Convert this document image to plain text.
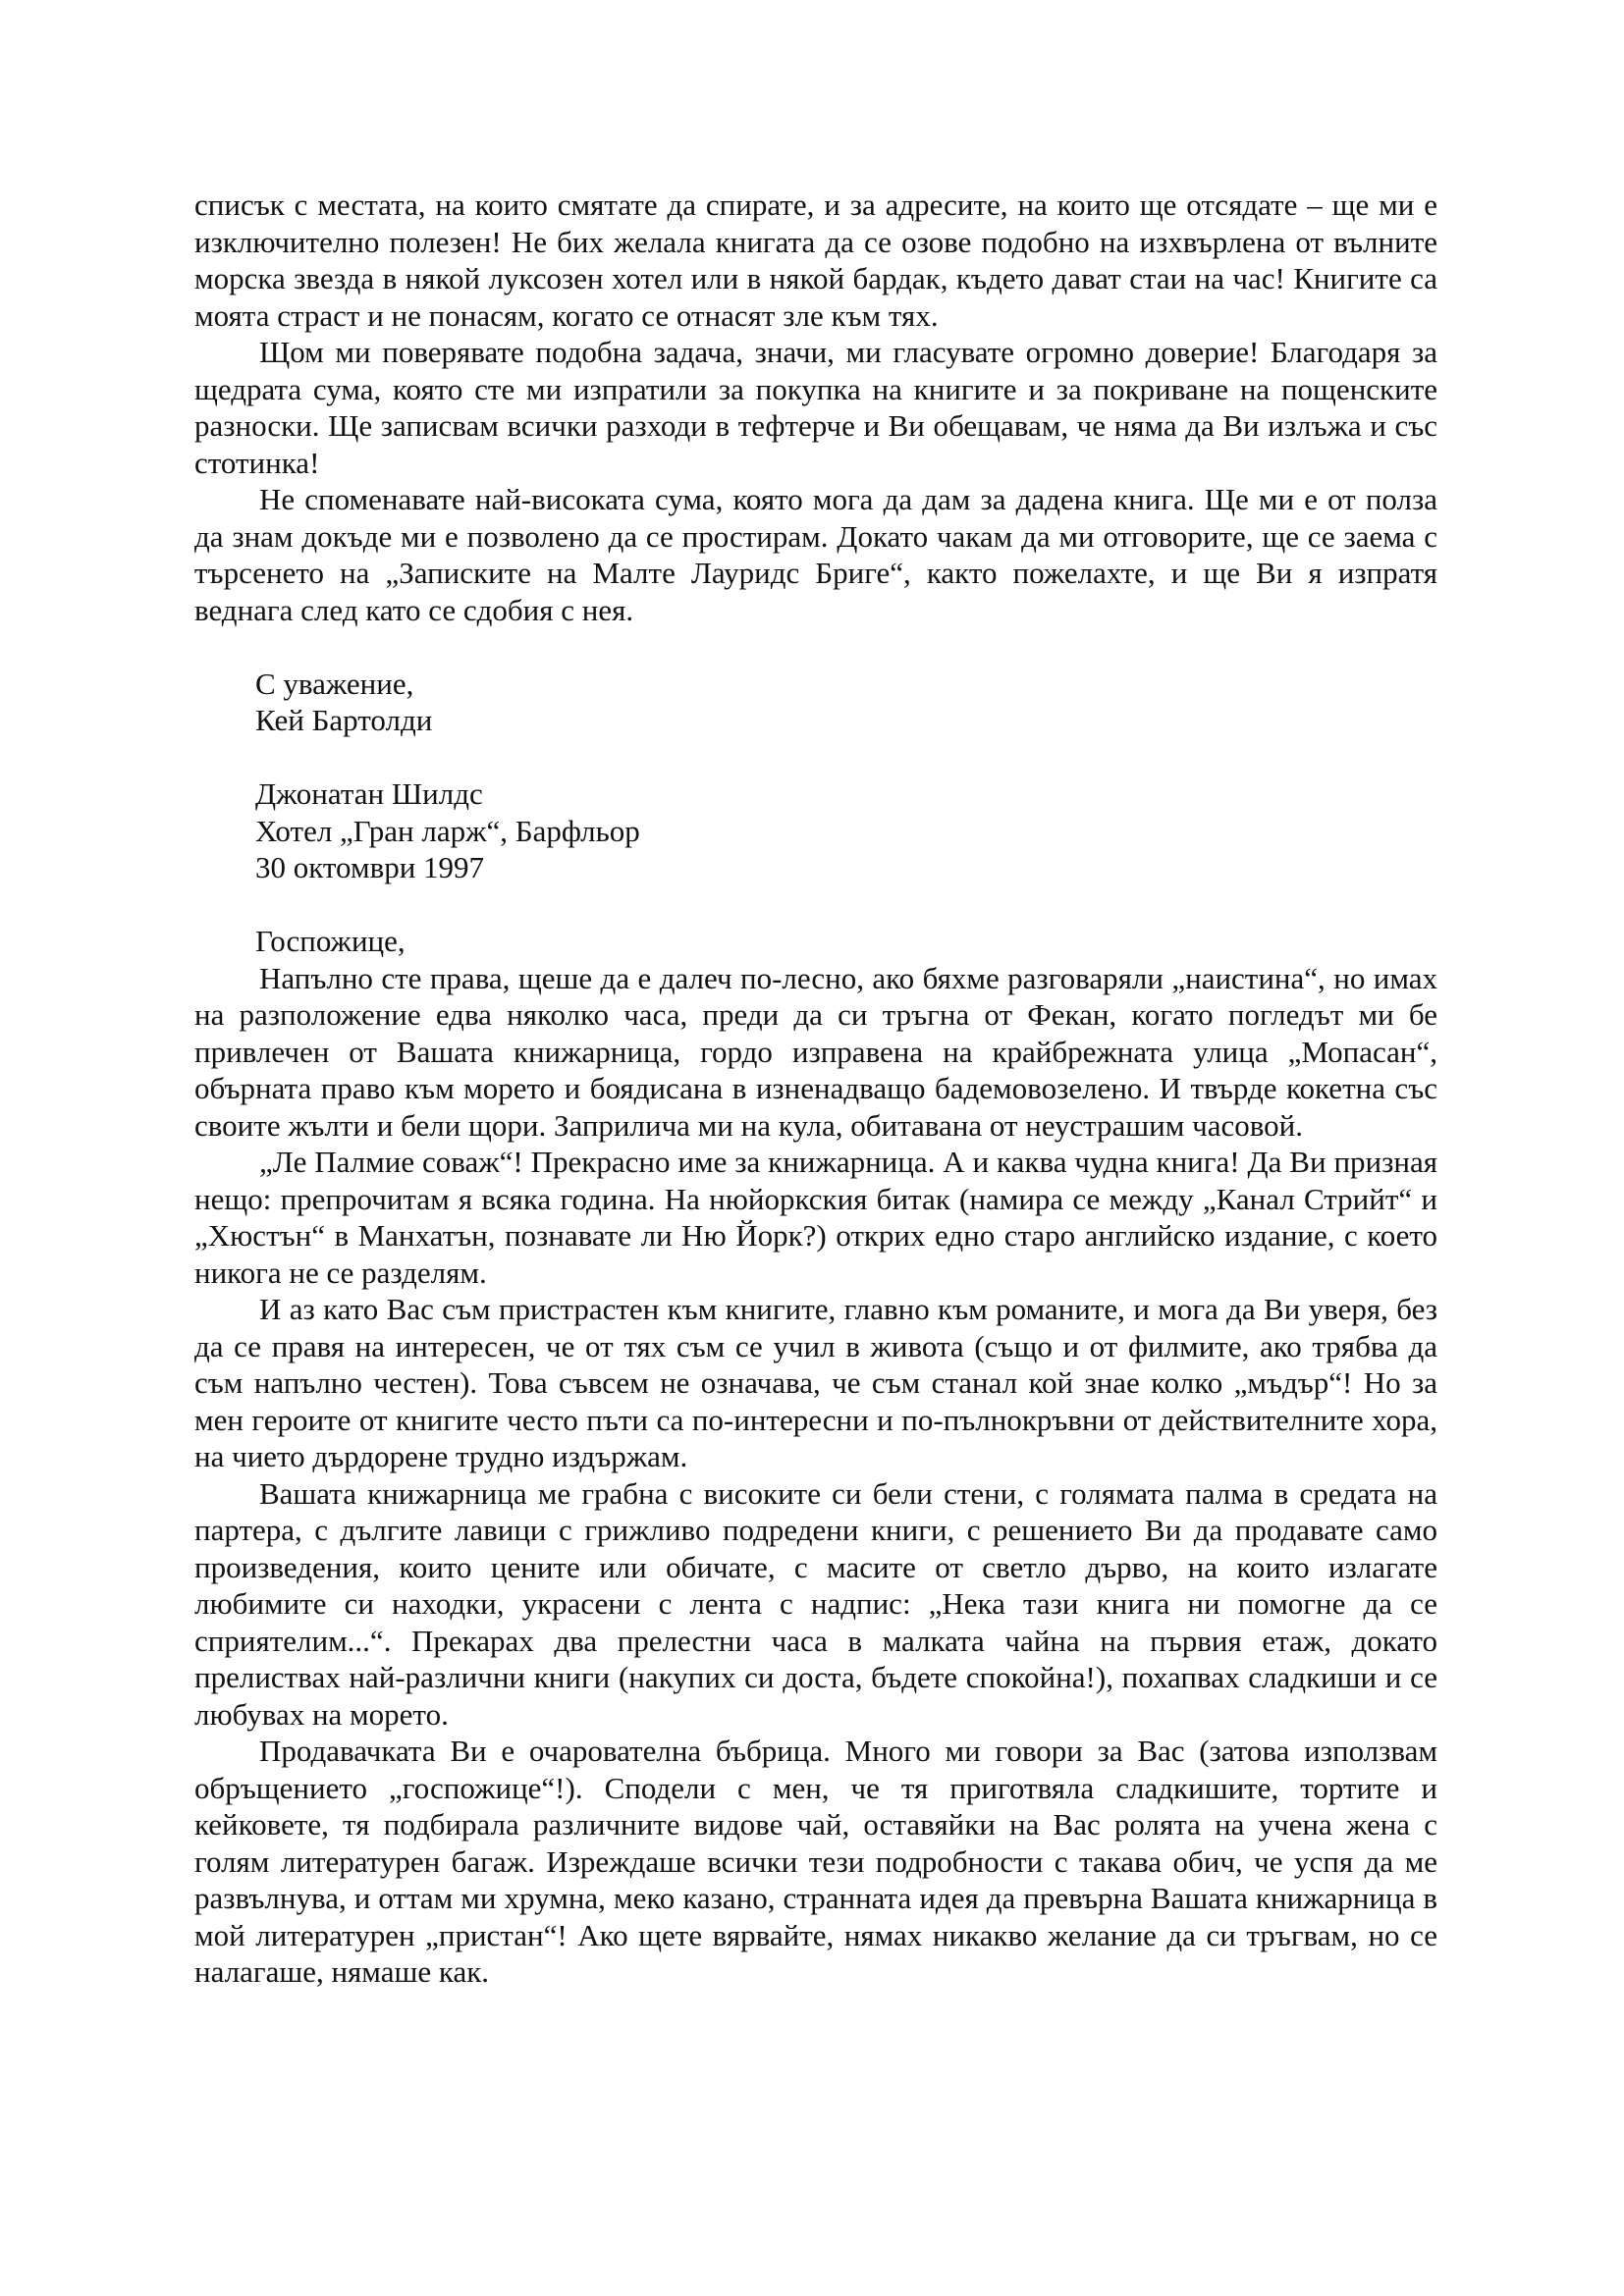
списък с местата, на които смятате да спирате, и за адресите, на които ще отсядате – ще ми е изключително полезен! Не бих желала книгата да се озове подобно на изхвърлена от вълните морска звезда в някой луксозен хотел или в някой бардак, където дават стаи на час! Книгите са моята страст и не понасям, когато се отнасят зле към тях.

Щом ми поверявате подобна задача, значи, ми гласувате огромно доверие! Благодаря за щедрата сума, която сте ми изпратили за покупка на книгите и за покриване на пощенските разноски. Ще записвам всички разходи в тефтерче и Ви обещавам, че няма да Ви излъжа и със стотинка!

Не споменавате най-високата сума, която мога да дам за дадена книга. Ще ми е от полза да знам докъде ми е позволено да се простирам. Докато чакам да ми отговорите, ще се заема с търсенето на „Записките на Малте Лауридс Бриге“, както пожелахте, и ще Ви я изпратя веднага след като се сдобия с нея.

С уважение,
Кей Бартолди
Джонатан Шилдс
Хотел „Гран ларж“, Барфльор
30 октомври 1997
Госпожице,

Напълно сте права, щеше да е далеч по-лесно, ако бяхме разговаряли „наистина“, но имах на разположение едва няколко часа, преди да си тръгна от Фекан, когато погледът ми бе привлечен от Вашата книжарница, гордо изправена на крайбрежната улица „Мопасан“, обърната право към морето и боядисана в изненадващо бадемовозелено. И твърде кокетна със своите жълти и бели щори. Заприлича ми на кула, обитавана от неустрашим часовой.

„Ле Палмие соваж“! Прекрасно име за книжарница. А и каква чудна книга! Да Ви призная нещо: препрочитам я всяка година. На нюйоркския битак (намира се между „Канал Стрийт“ и „Хюстън“ в Манхатън, познавате ли Ню Йорк?) открих едно старо английско издание, с което никога не се разделям.

И аз като Вас съм пристрастен към книгите, главно към романите, и мога да Ви уверя, без да се правя на интересен, че от тях съм се учил в живота (също и от филмите, ако трябва да съм напълно честен). Това съвсем не означава, че съм станал кой знае колко „мъдър“! Но за мен героите от книгите често пъти са по-интересни и по-пълнокръвни от действителните хора, на чието дърдорене трудно издържам.

Вашата книжарница ме грабна с високите си бели стени, с голямата палма в средата на партера, с дългите лавици с грижливо подредени книги, с решението Ви да продавате само произведения, които цените или обичате, с масите от светло дърво, на които излагате любимите си находки, украсени с лента с надпис: „Нека тази книга ни помогне да се сприятелим...“. Прекарах два прелестни часа в малката чайна на първия етаж, докато прелиствах най-различни книги (накупих си доста, бъдете спокойна!), похапвах сладкиши и се любувах на морето.

Продавачката Ви е очарователна бъбрица. Много ми говори за Вас (затова използвам обръщението „госпожице“!). Сподели с мен, че тя приготвяла сладкишите, тортите и кейковете, тя подбирала различните видове чай, оставяйки на Вас ролята на учена жена с голям литературен багаж. Изреждаше всички тези подробности с такава обич, че успя да ме развълнува, и оттам ми хрумна, меко казано, странната идея да превърна Вашата книжарница в мой литературен „пристан“! Ако щете вярвайте, нямах никакво желание да си тръгвам, но се налагаше, нямаше как.
